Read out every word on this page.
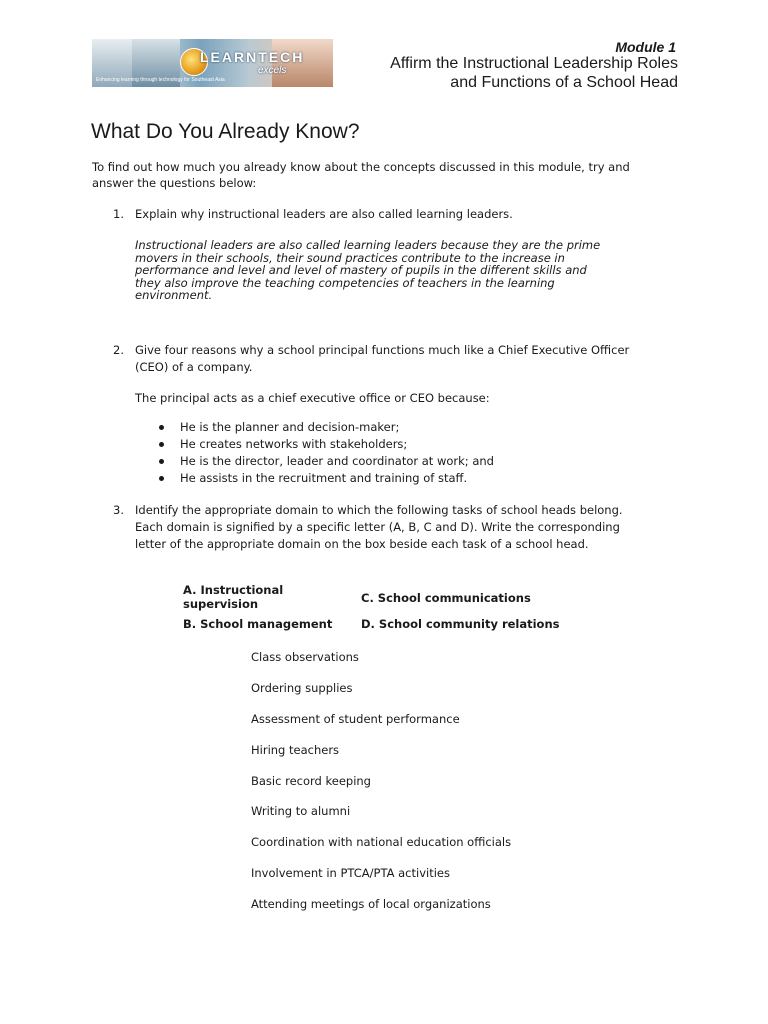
LEARNTECH
excels
Enhancing learning through technology for Southeast Asia
Module 1
Affirm the Instructional Leadership Roles
and Functions of a School Head
What Do You Already Know?
To find out how much you already know about the concepts discussed in this module, try and answer the questions below:
1. Explain why instructional leaders are also called learning leaders.
Instructional leaders are also called learning leaders because they are the prime
movers in their schools, their sound practices contribute to the increase in
performance and level and level of mastery of pupils in the different skills and
they also improve the teaching competencies of teachers in the learning
environment.
2. Give four reasons why a school principal functions much like a Chief Executive Officer
(CEO) of a company.
The principal acts as a chief executive office or CEO because:
He is the planner and decision-maker;
He creates networks with stakeholders;
He is the director, leader and coordinator at work; and
He assists in the recruitment and training of staff.
3. Identify the appropriate domain to which the following tasks of school heads belong.
Each domain is signified by a specific letter (A, B, C and D). Write the corresponding
letter of the appropriate domain on the box beside each task of a school head.
A. Instructional
supervision
B. School management
C. School communications
D. School community relations
Class observations
Ordering supplies
Assessment of student performance
Hiring teachers
Basic record keeping
Writing to alumni
Coordination with national education officials
Involvement in PTCA/PTA activities
Attending meetings of local organizations
